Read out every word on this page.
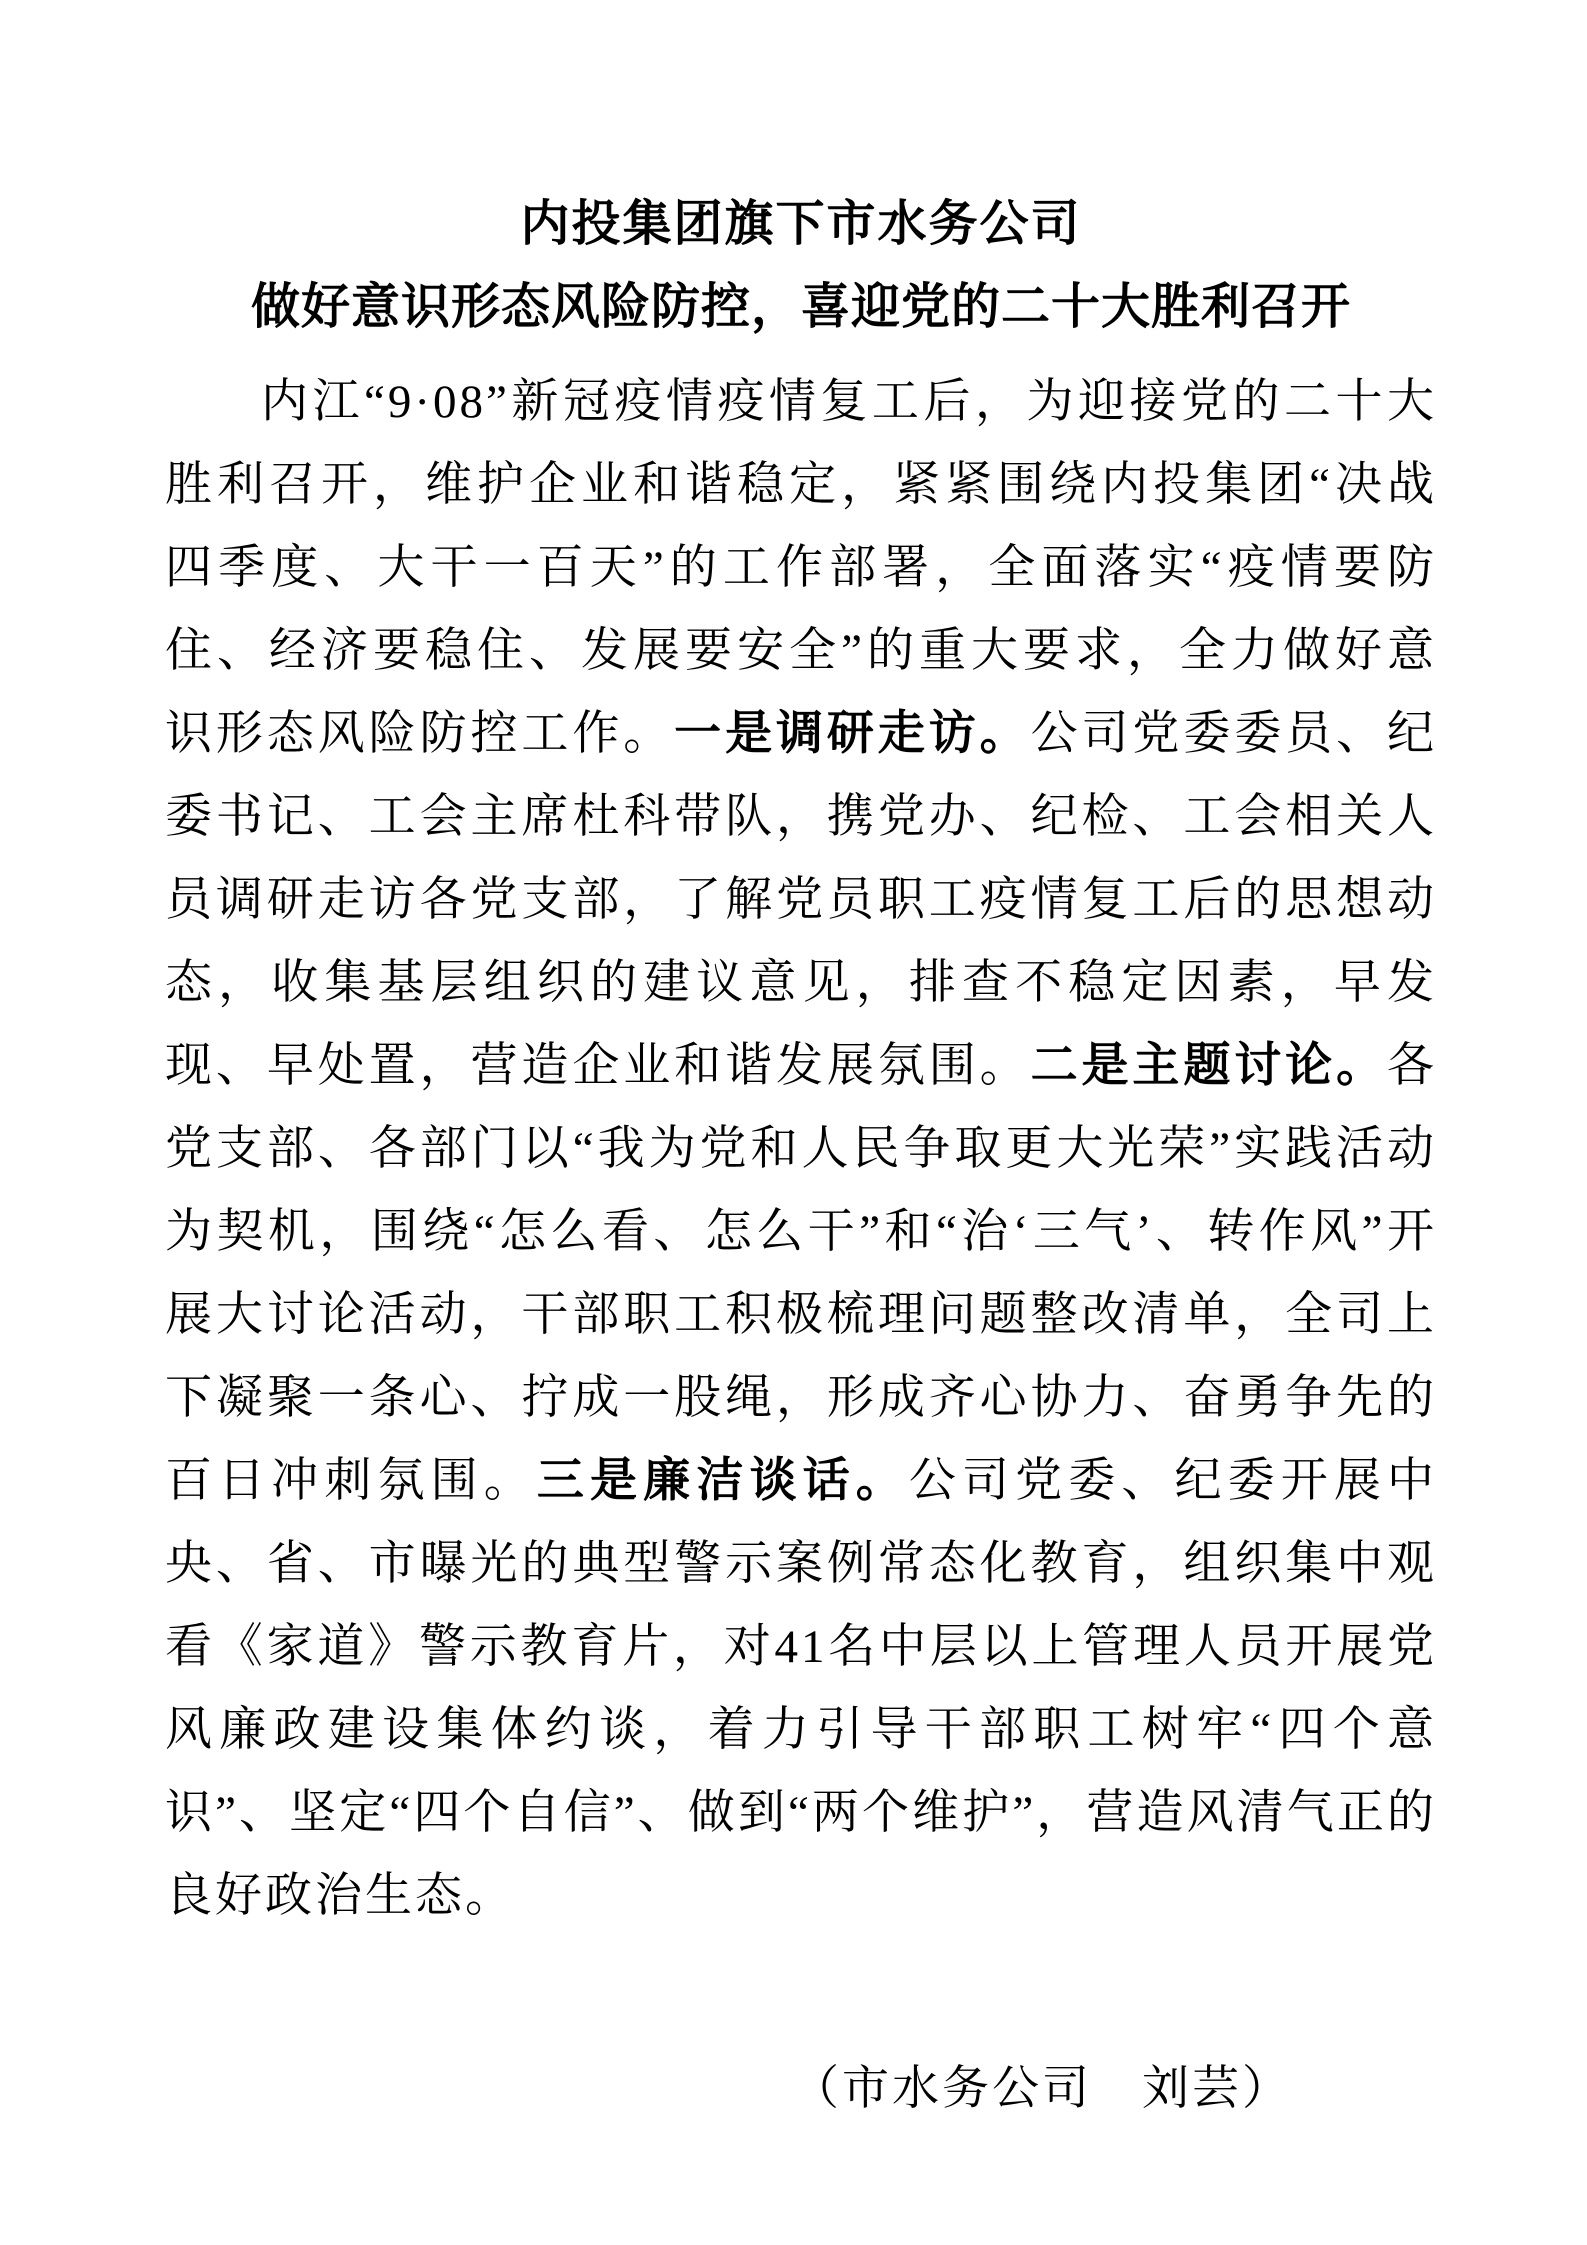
内投集团旗下市水务公司
做好意识形态风险防控，喜迎党的二十大胜利召开

内江“9·08”新冠疫情疫情复工后，为迎接党的二十大胜利召开，维护企业和谐稳定，紧紧围绕内投集团“决战四季度、大干一百天”的工作部署，全面落实“疫情要防住、经济要稳住、发展要安全”的重大要求，全力做好意识形态风险防控工作。一是调研走访。公司党委委员、纪委书记、工会主席杜科带队，携党办、纪检、工会相关人员调研走访各党支部，了解党员职工疫情复工后的思想动态，收集基层组织的建议意见，排查不稳定因素，早发现、早处置，营造企业和谐发展氛围。二是主题讨论。各党支部、各部门以“我为党和人民争取更大光荣”实践活动为契机，围绕“怎么看、怎么干”和“治‘三气’、转作风”开展大讨论活动，干部职工积极梳理问题整改清单，全司上下凝聚一条心、拧成一股绳，形成齐心协力、奋勇争先的百日冲刺氛围。三是廉洁谈话。公司党委、纪委开展中央、省、市曝光的典型警示案例常态化教育，组织集中观看《家道》警示教育片，对41名中层以上管理人员开展党风廉政建设集体约谈，着力引导干部职工树牢“四个意识”、坚定“四个自信”、做到“两个维护”，营造风清气正的良好政治生态。

（市水务公司　刘芸）
